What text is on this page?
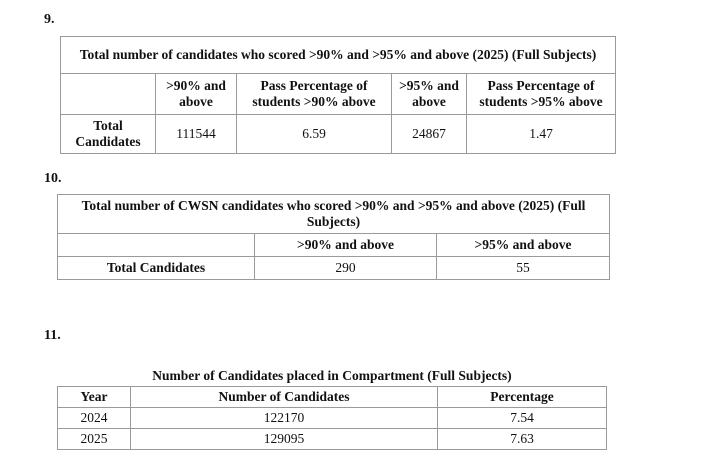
9.
Total number of candidates who scored >90% and >95% and above (2025) (Full Subjects)				
	>90% and above	Pass Percentage of students >90% above	>95% and above	Pass Percentage of students >95% above
Total Candidates	111544	6.59	24867	1.47
10.
Total number of CWSN candidates who scored >90% and >95% and above (2025) (Full Subjects)		
	>90% and above	>95% and above
Total Candidates	290	55
11.
Number of Candidates placed in Compartment (Full Subjects)		
Year	Number of Candidates	Percentage
2024	122170	7.54
2025	129095	7.63
